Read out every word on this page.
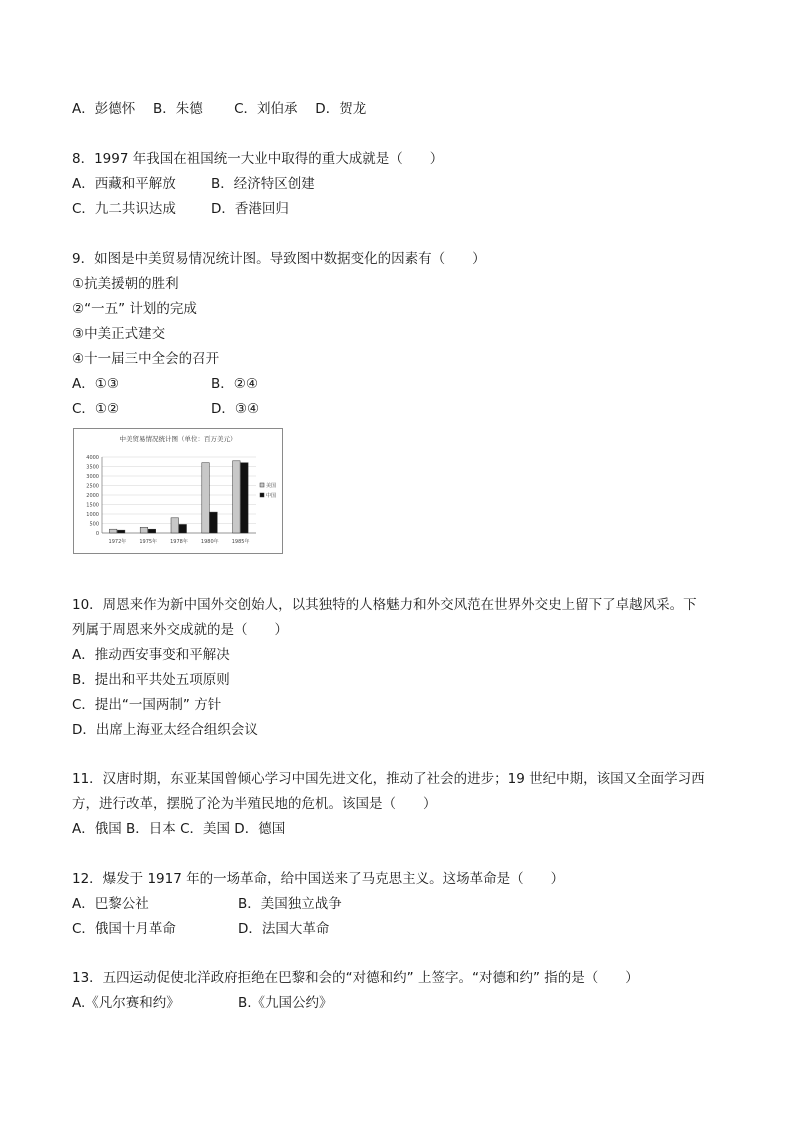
A．彭德怀　 B．朱德　　 C．刘伯承　 D．贺龙
8．1997 年我国在祖国统一大业中取得的重大成就是（　　）
A．西藏和平解放	B．经济特区创建
C．九二共识达成	D．香港回归
9．如图是中美贸易情况统计图。导致图中数据变化的因素有（　　）
①抗美援朝的胜利
②“一五” 计划的完成
③中美正式建交
④十一届三中全会的召开
A．①③	B．②④
C．①②	D．③④
中美贸易情况统计图（单位：百万美元）
0
500
1000
1500
2000
2500
3000
3500
4000
1972年	1975年	1978年	1980年	1985年
美国
中国
10．周恩来作为新中国外交创始人，以其独特的人格魅力和外交风范在世界外交史上留下了卓越风采。下
列属于周恩来外交成就的是（　　）
A．推动西安事变和平解决
B．提出和平共处五项原则
C．提出“一国两制” 方针
D．出席上海亚太经合组织会议
11．汉唐时期，东亚某国曾倾心学习中国先进文化，推动了社会的进步；19 世纪中期，该国又全面学习西
方，进行改革，摆脱了沦为半殖民地的危机。该国是（　　）
A．俄国 B．日本 C．美国 D．德国
12．爆发于 1917 年的一场革命，给中国送来了马克思主义。这场革命是（　　）
A．巴黎公社	B．美国独立战争
C．俄国十月革命	D．法国大革命
13．五四运动促使北洋政府拒绝在巴黎和会的“对德和约” 上签字。“对德和约” 指的是（　　）
A.《凡尔赛和约》	B.《九国公约》
